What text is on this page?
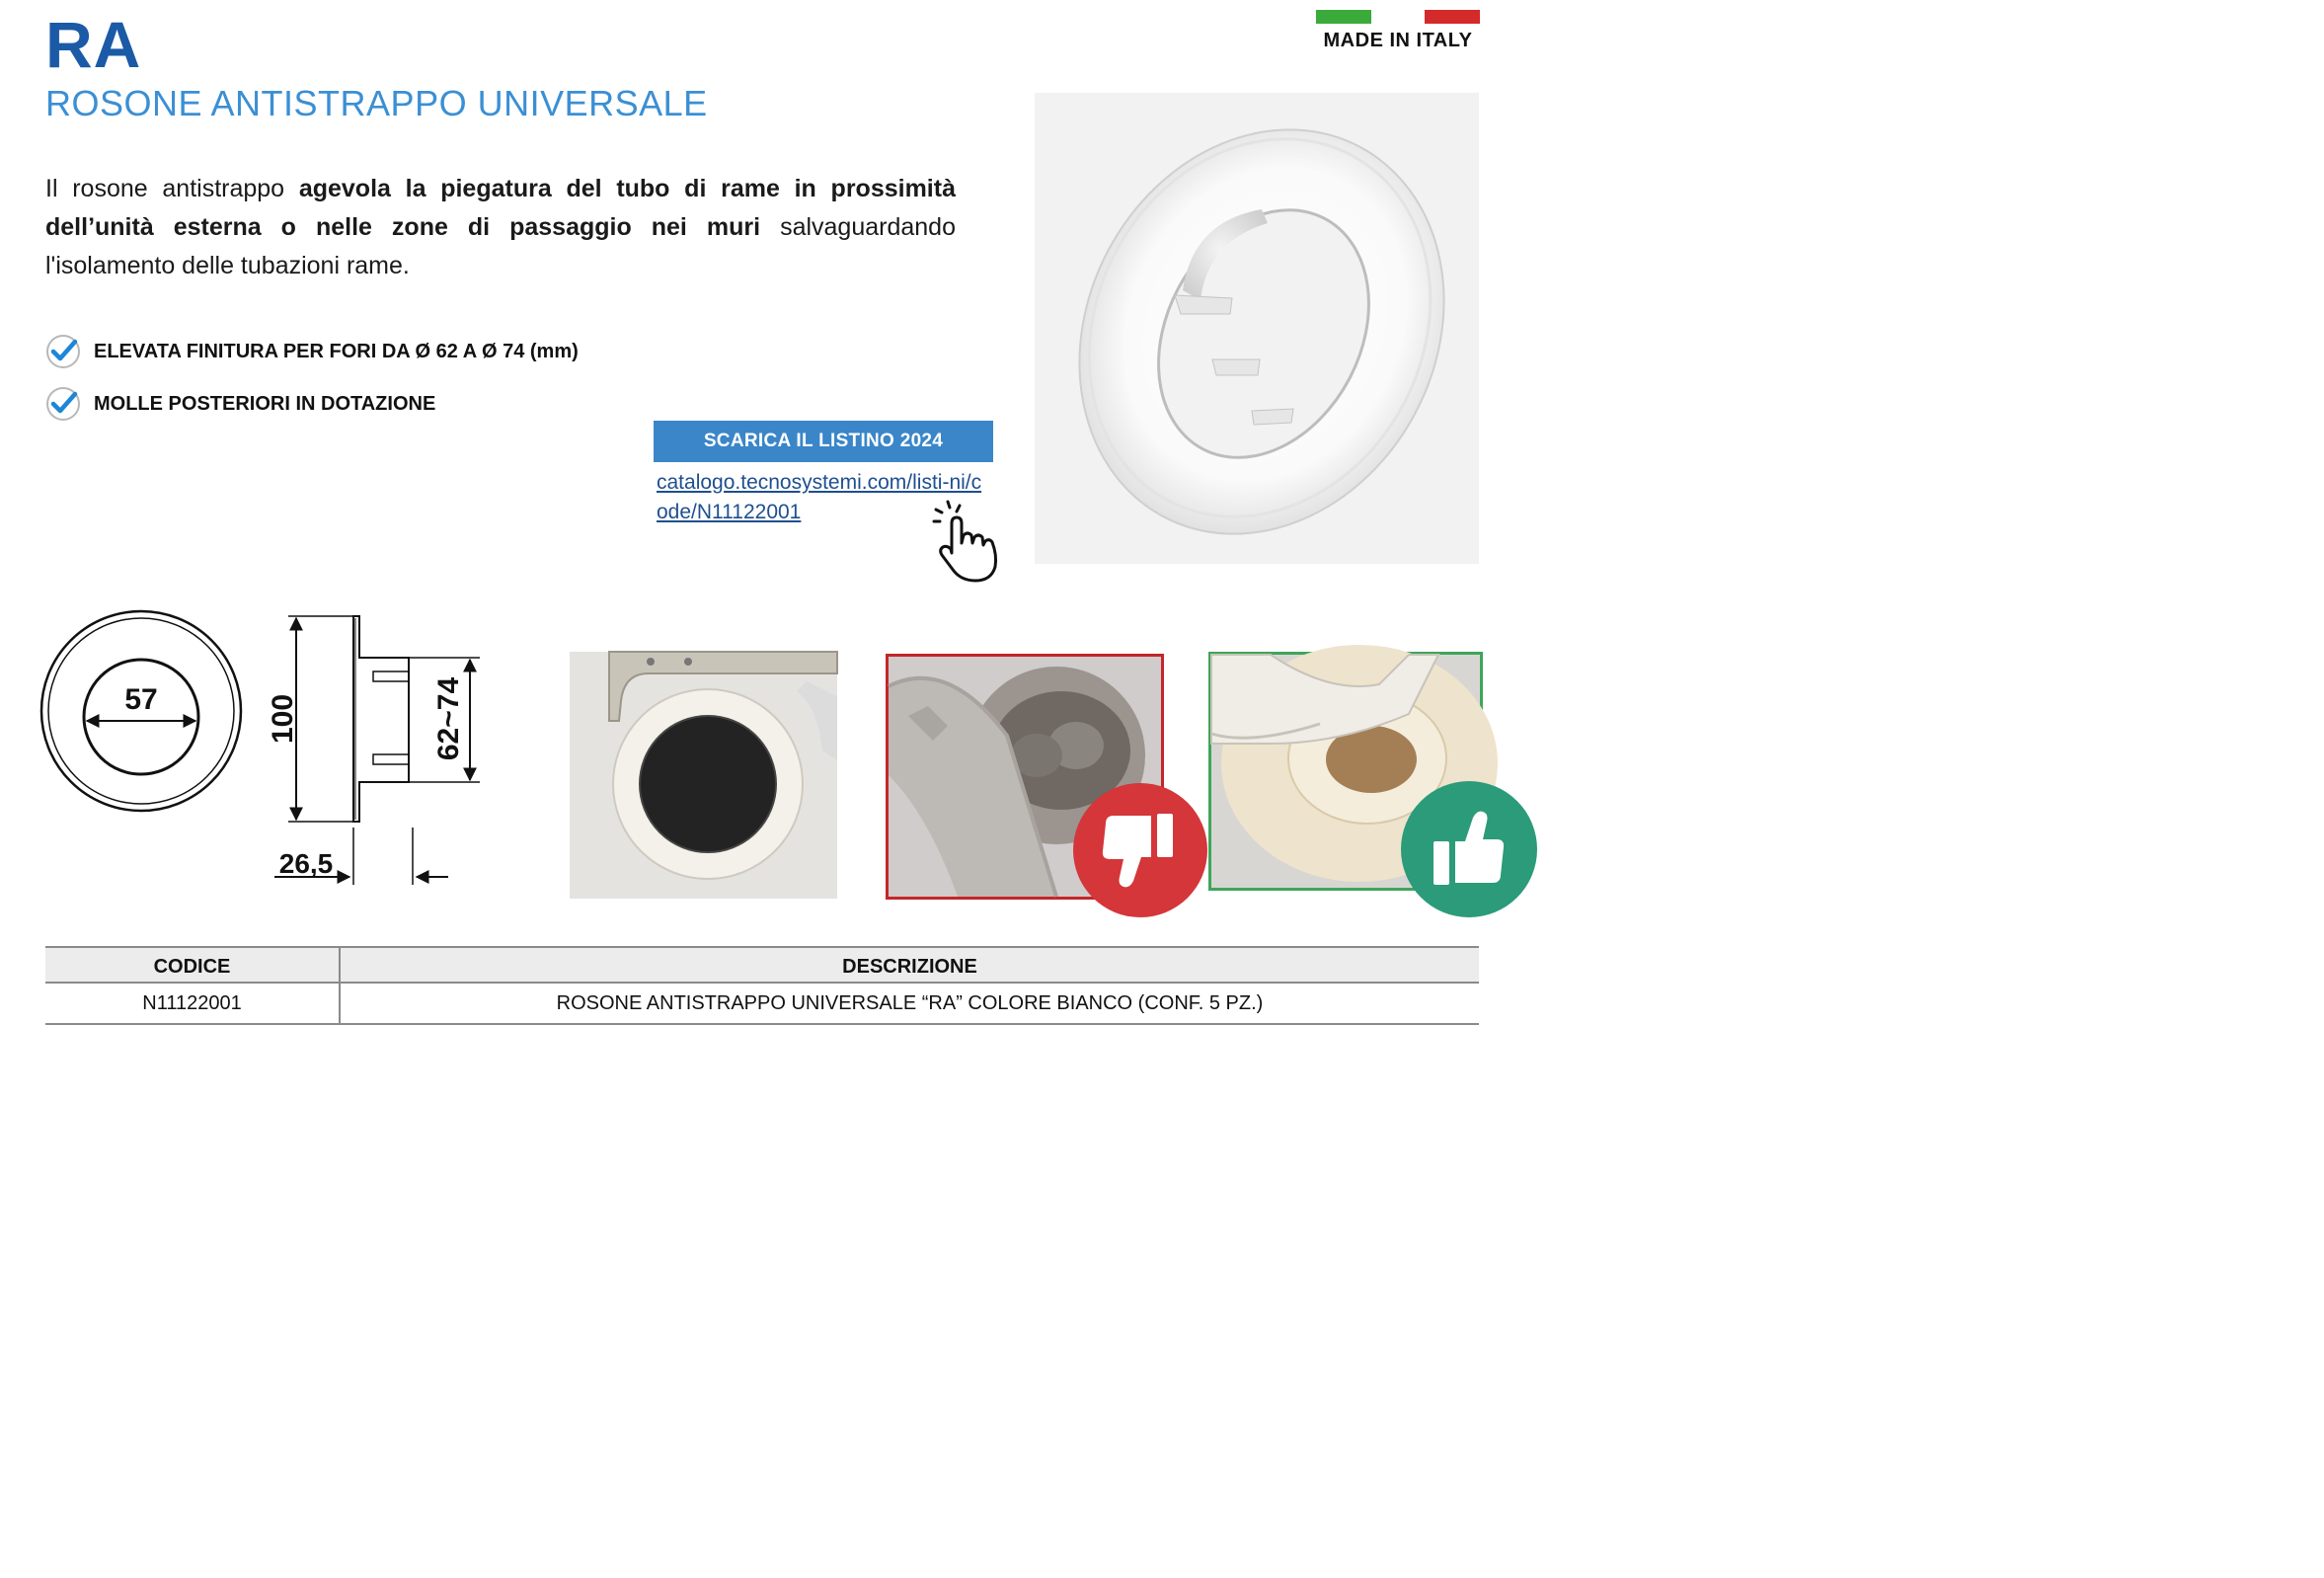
RA
ROSONE ANTISTRAPPO UNIVERSALE
MADE IN ITALY
Il rosone antistrappo agevola la piegatura del tubo di rame in prossimità dell’unità esterna o nelle zone di passaggio nei muri salvaguardando l'isolamento delle tubazioni rame.
ELEVATA FINITURA PER FORI DA Ø 62 A Ø 74 (mm)
MOLLE POSTERIORI IN DOTAZIONE
SCARICA IL LISTINO 2024
catalogo.tecnosystemi.com/listi-ni/code/N11122001
57	100	62~74
26,5
CODICE	DESCRIZIONE
N11122001	ROSONE ANTISTRAPPO UNIVERSALE “RA” COLORE BIANCO (CONF. 5 PZ.)
